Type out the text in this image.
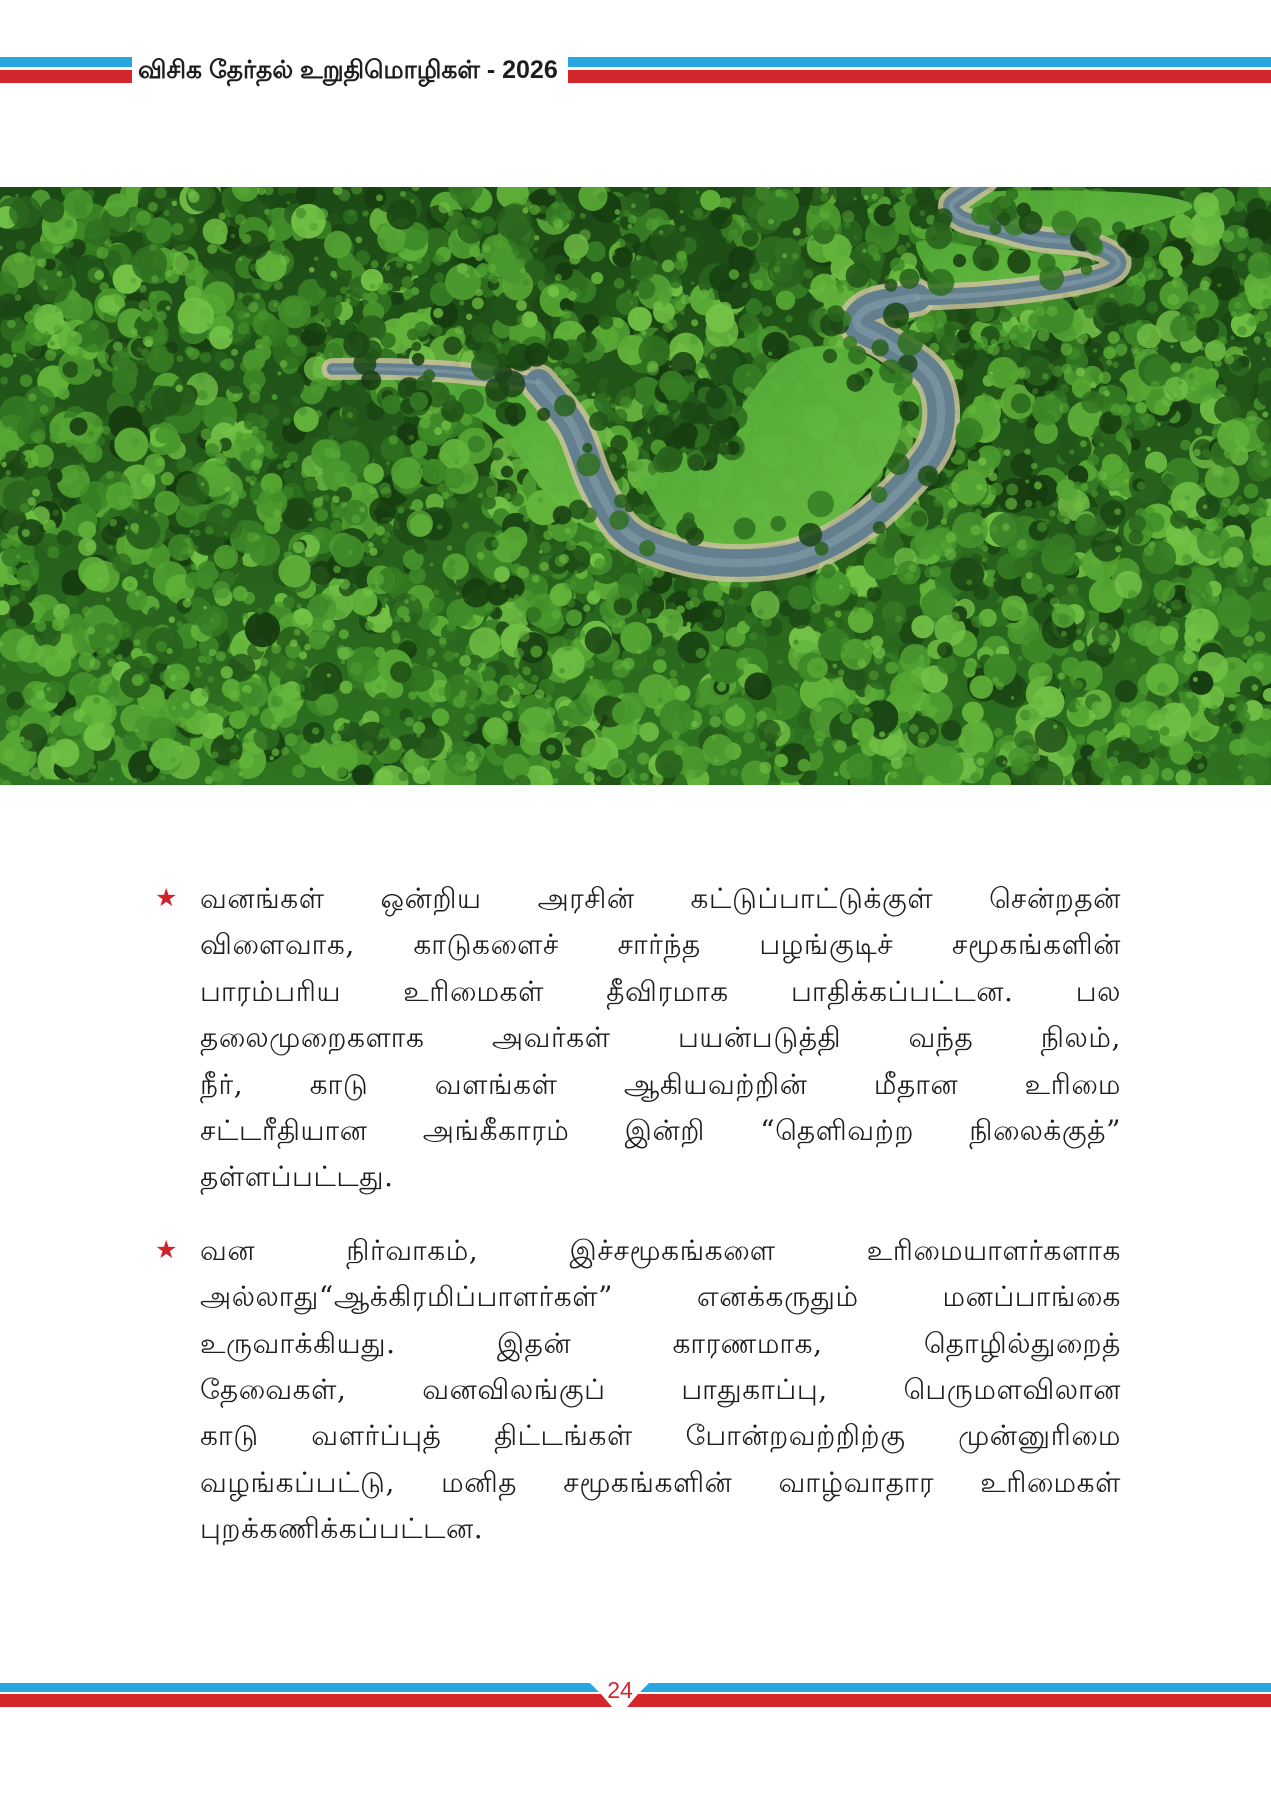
விசிக தேர்தல் உறுதிமொழிகள் - 2026
★ வனங்கள் ஒன்றிய அரசின் கட்டுப்பாட்டுக்குள் சென்றதன்
விளைவாக, காடுகளைச் சார்ந்த பழங்குடிச் சமூகங்களின்
பாரம்பரிய உரிமைகள் தீவிரமாக பாதிக்கப்பட்டன. பல
தலைமுறைகளாக அவர்கள் பயன்படுத்தி வந்த நிலம்,
நீர், காடு வளங்கள் ஆகியவற்றின் மீதான உரிமை
சட்டரீதியான அங்கீகாரம் இன்றி “தெளிவற்ற நிலைக்குத்”
தள்ளப்பட்டது.
★ வன நிர்வாகம், இச்சமூகங்களை உரிமையாளர்களாக
அல்லாது“ஆக்கிரமிப்பாளர்கள்” எனக்கருதும் மனப்பாங்கை
உருவாக்கியது. இதன் காரணமாக, தொழில்துறைத்
தேவைகள், வனவிலங்குப் பாதுகாப்பு, பெருமளவிலான
காடு வளர்ப்புத் திட்டங்கள் போன்றவற்றிற்கு முன்னுரிமை
வழங்கப்பட்டு, மனித சமூகங்களின் வாழ்வாதார உரிமைகள்
புறக்கணிக்கப்பட்டன.
24
